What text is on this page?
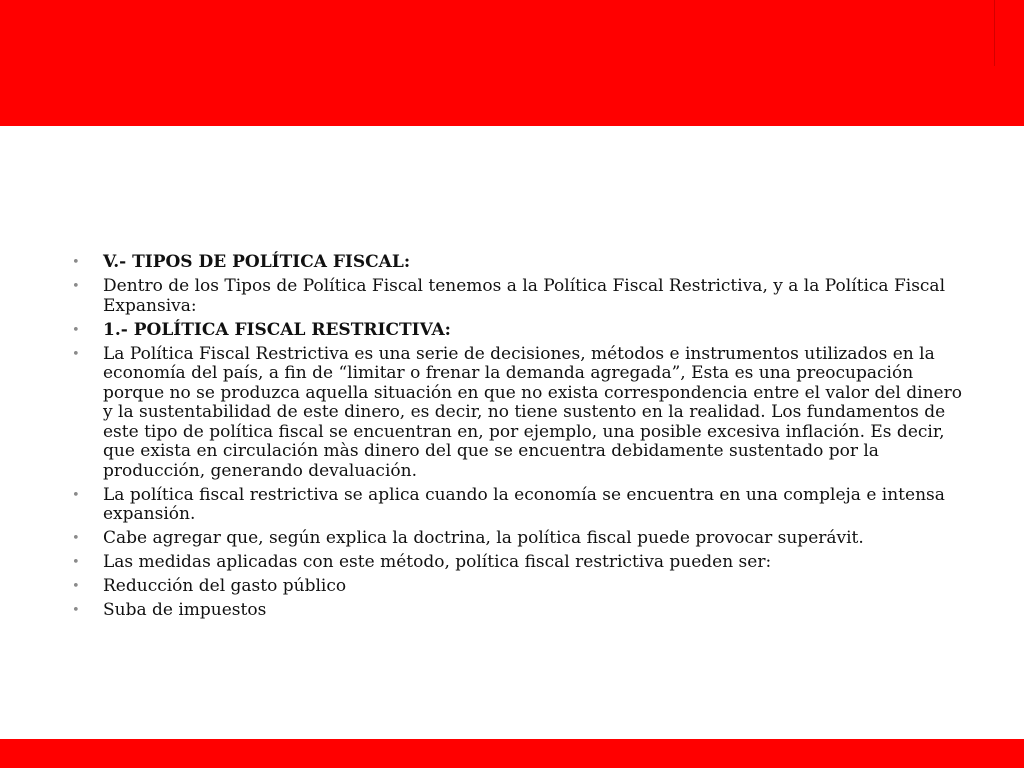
• V.- TIPOS DE POLÍTICA FISCAL:
• Dentro de los Tipos de Política Fiscal tenemos a la Política Fiscal Restrictiva, y a la Política Fiscal Expansiva:
• 1.- POLÍTICA FISCAL RESTRICTIVA:
• La Política Fiscal Restrictiva es una serie de decisiones, métodos e instrumentos utilizados en la economía del país, a fin de “limitar o frenar la demanda agregada”, Esta es una preocupación porque no se produzca aquella situación en que no exista correspondencia entre el valor del dinero y la sustentabilidad de este dinero, es decir, no tiene sustento en la realidad. Los fundamentos de este tipo de política fiscal se encuentran en, por ejemplo, una posible excesiva inflación. Es decir, que exista en circulación màs dinero del que se encuentra debidamente sustentado por la producción, generando devaluación.
• La política fiscal restrictiva se aplica cuando la economía se encuentra en una compleja e intensa expansión.
• Cabe agregar que, según explica la doctrina, la política fiscal puede provocar superávit.
• Las medidas aplicadas con este método, política fiscal restrictiva pueden ser:
• Reducción del gasto público
• Suba de impuestos
